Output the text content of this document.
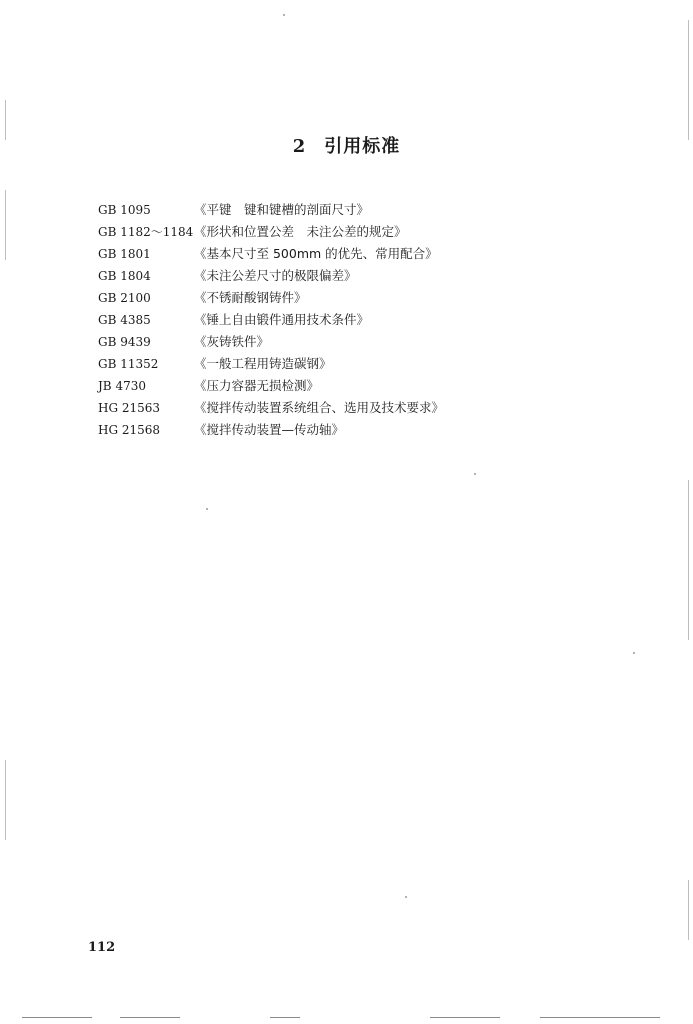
2 引用标准
GB 1095	《平键　键和键槽的剖面尺寸》
GB 1182～1184 《形状和位置公差　未注公差的规定》
GB 1801	《基本尺寸至 500mm 的优先、常用配合》
GB 1804	《未注公差尺寸的极限偏差》
GB 2100	《不锈耐酸钢铸件》
GB 4385	《锤上自由锻件通用技术条件》
GB 9439	《灰铸铁件》
GB 11352	《一般工程用铸造碳钢》
JB 4730	《压力容器无损检测》
HG 21563	《搅拌传动装置系统组合、选用及技术要求》
HG 21568	《搅拌传动装置—传动轴》
112
